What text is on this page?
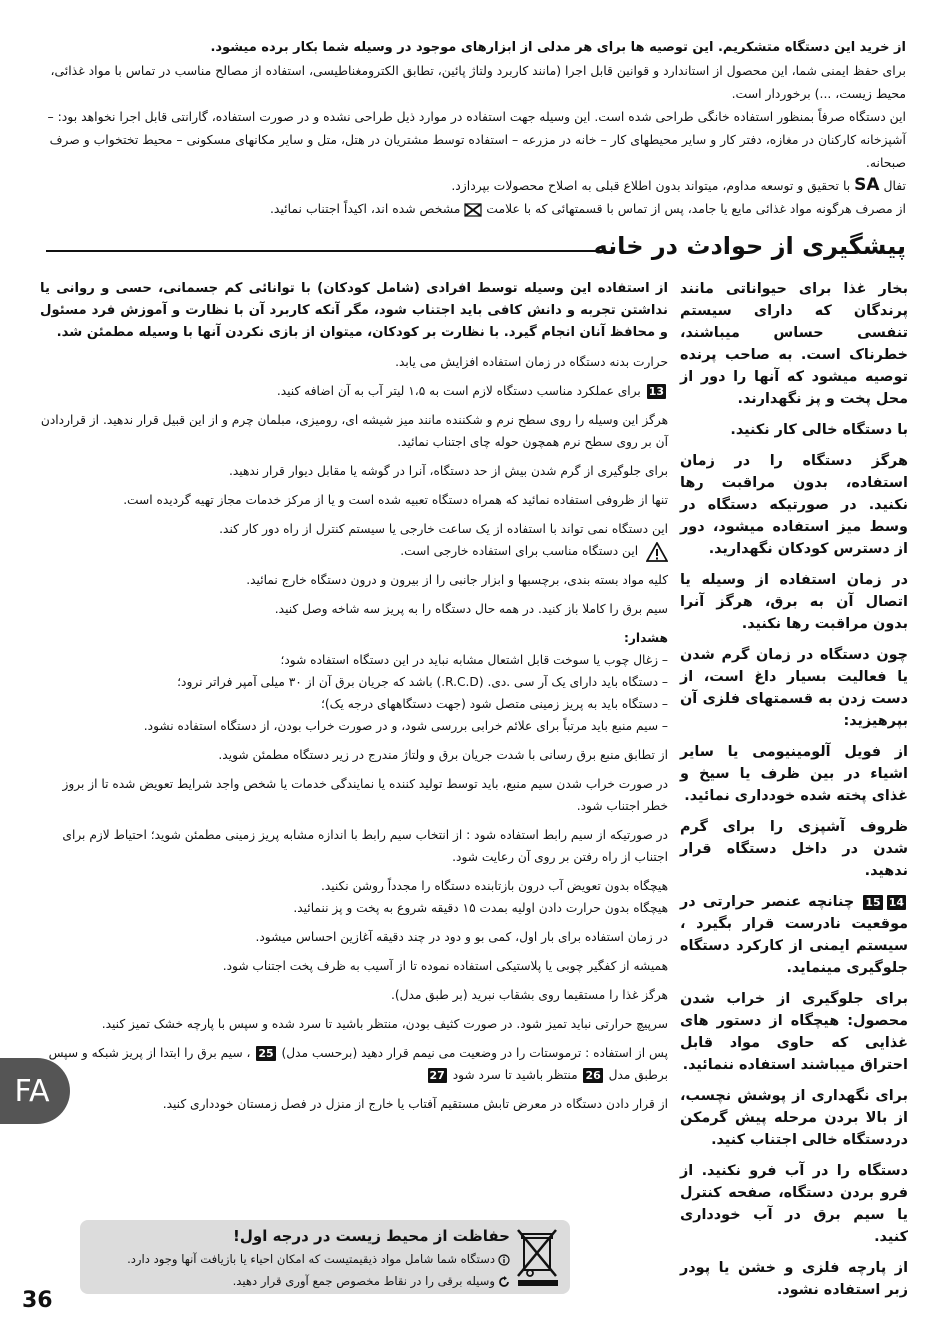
از خرید این دستگاه متشکریم. این توصیه ها برای هر مدلی از ابزارهای موجود در وسیله شما بکار برده میشود.

برای حفظ ایمنی شما، این محصول از استاندارد و قوانین قابل اجرا (مانند کاربرد ولتاژ پائین، تطابق الکترومغناطیسی، استفاده از مصالح مناسب در تماس با مواد غذائی، محیط زیست، ...) برخوردار است.

این دستگاه صرفاً بمنظور استفاده خانگی طراحی شده است. این وسیله جهت استفاده در موارد ذیل طراحی نشده و در صورت استفاده، گارانتی قابل اجرا نخواهد بود: – آشپزخانه کارکنان در مغازه، دفتر کار و سایر محیطهای کار – خانه در مزرعه – استفاده توسط مشتریان در هتل، متل و سایر مکانهای مسکونی – محیط تختخواب و صرف صبحانه.

تفال SA با تحقیق و توسعه مداوم، میتواند بدون اطلاع قبلی به اصلاح محصولات بپردازد.

از مصرف هرگونه مواد غذائی مایع یا جامد، پس از تماس با قسمتهائی که با علامت  مشخص شده اند، اکیداً اجتناب نمائید.

پیشگیری از حوادث در خانه

بخار غذا برای حیواناتی مانند پرندگان که دارای سیستم تنفسی حساس میباشند، خطرناک است. به صاحب پرنده توصیه میشود که آنها را دور از محل پخت و پز نگهدارند.

با دستگاه خالی کار نکنید.

هرگز دستگاه را در زمان استفاده، بدون مراقبت رها نکنید. در صورتیکه دستگاه در وسط میز استفاده میشود، دور از دسترس کودکان نگهدارید.

در زمان استفاده از وسیله یا اتصال آن به برق، هرگز آنرا بدون مراقبت رها نکنید.

چون دستگاه در زمان گرم شدن یا فعالیت بسیار داغ است، از دست زدن به قسمتهای فلزی آن بپرهیزید:

از فویل آلومینیومی یا سایر اشیاء در بین ظرف یا سیخ و غذای پخته شده خودداری نمائید.

ظروف آشپزی را برای گرم شدن در داخل دستگاه قرار ندهید.

1415 چنانچه عنصر حرارتی در موقعیت نادرست قرار بگیرد ، سیستم ایمنی از کارکرد دستگاه جلوگیری مینماید.

برای جلوگیری از خراب شدن محصول: هیچگاه از دستور های غذایی که حاوی مواد قابل احتراق میباشند استفاده ننمائید.

برای نگهداری از پوشش نچسب، از بالا بردن مرحله پیش گرمکن دردستگاه خالی اجتناب کنید.

دستگاه را در آب فرو نکنید. از فرو بردن دستگاه، صفحه کنترل یا سیم برق در آب خودداری کنید.

از پارچه فلزی و خشن یا پودر زبر استفاده نشود.

از استفاده این وسیله توسط افرادی (شامل کودکان) با توانائی کم جسمانی، حسی و روانی یا نداشتن تجربه و دانش کافی باید اجتناب شود، مگر آنکه کاربرد آن با نظارت و آموزش فرد مسئول و محافظ آنان انجام گیرد. با نظارت بر کودکان، میتوان از بازی نکردن آنها با وسیله مطمئن شد.

حرارت بدنه دستگاه در زمان استفاده افزایش می یابد.

13 برای عملکرد مناسب دستگاه لازم است به ۱،۵ لیتر آب به آن اضافه کنید.

هرگز این وسیله را روی سطح نرم و شکننده مانند میز شیشه ای، رومیزی، مبلمان چرم و از این قبیل قرار ندهید. از قراردادن آن بر روی سطح نرم همچون حوله چای اجتناب نمائید.

برای جلوگیری از گرم شدن بیش از حد دستگاه، آنرا در گوشه یا مقابل دیوار قرار ندهید.

تنها از ظروفی استفاده نمائید که همراه دستگاه تعبیه شده است و یا از مرکز خدمات مجاز تهیه گردیده است.

این دستگاه نمی تواند با استفاده از یک ساعت خارجی یا سیستم کنترل از راه دور کار کند.

این دستگاه مناسب برای استفاده خارجی است.

کلیه مواد بسته بندی، برچسبها و ابزار جانبی را از بیرون و درون دستگاه خارج نمائید.

سیم برق را کاملا باز کنید. در همه حال دستگاه را به پریز سه شاخه وصل کنید.

هشدار:

– زغال چوب یا سوخت قابل اشتعال مشابه نباید در این دستگاه استفاده شود؛

– دستگاه باید دارای یک آر سی .دی. (R.C.D.) باشد که جریان برق آن از ۳۰ میلی آمپر فراتر نرود؛

– دستگاه باید به پریز زمینی متصل شود (جهت دستگاههای درجه یک)؛

– سیم منبع باید مرتباً برای علائم خرابی بررسی شود، و در صورت خراب بودن، از دستگاه استفاده نشود.

از تطابق منبع برق رسانی با شدت جریان برق و ولتاژ مندرج در زیر دستگاه مطمئن شوید.

در صورت خراب شدن سیم منبع، باید توسط تولید کننده یا نمایندگی خدمات یا شخص واجد شرایط تعویض شده تا از بروز خطر اجتناب شود.

در صورتیکه از سیم رابط استفاده شود : از انتخاب سیم رابط با اندازه مشابه پریز زمینی مطمئن شوید؛ احتیاط لازم برای اجتناب از راه رفتن بر روی آن رعایت شود.

هیچگاه بدون تعویض آب درون بازتابنده دستگاه را مجدداً روشن نکنید.

هیچگاه بدون حرارت دادن اولیه بمدت ۱۵ دقیقه شروع به پخت و پز ننمائید.

در زمان استفاده برای بار اول، کمی بو و دود در چند دقیقه آغازین احساس میشود.

همیشه از کفگیر چوبی یا پلاستیکی استفاده نموده تا از آسیب به ظرف پخت اجتناب شود.

هرگز غذا را مستقیما روی بشقاب نبرید (بر طبق مدل).

سرپیچ حرارتی نباید تمیز شود. در صورت کثیف بودن، منتظر باشید تا سرد شده و سپس با پارچه خشک تمیز کنید.

پس از استفاده : ترموستات را در وضعیت می نیمم قرار دهید (برحسب مدل) 25 ، سیم برق را ابتدا از پریز شبکه و سپس برطبق مدل 26 منتظر باشید تا سرد شود 27

از قرار دادن دستگاه در معرض تابش مستقیم آفتاب یا خارج از منزل در فصل زمستان خودداری کنید.

FA

حفاظت از محیط زیست در درجه اول!

دستگاه شما شامل مواد ذیقیمتیست که امکان احیاء یا بازیافت آنها وجود دارد.

وسیله برقی را در نقاط مخصوص جمع آوری قرار دهید.

36
